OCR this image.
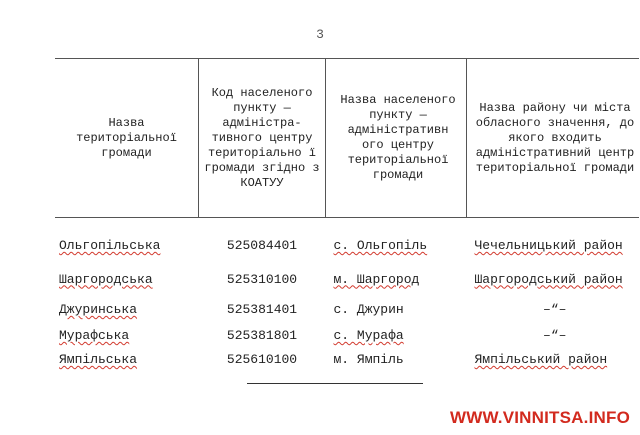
3
Назва територіальної громади	Код населеного пункту — адміністра-тивного центру територіально ї громади згідно з КОАТУУ	Назва населеного пункту — адміністративн ого центру територіальної громади	Назва району чи міста обласного значення, до якого входить адміністративний центр територіальної громади
Ольгопільська	525084401	с. Ольгопіль	Чечельницький район
Шаргородська	525310100	м. Шаргород	Шаргородський район
Джуринська	525381401	с. Джурин	–“–
Мурафська	525381801	с. Мурафа	–“–
Ямпільська	525610100	м. Ямпіль	Ямпільський район
WWW.VINNITSA.INFO
